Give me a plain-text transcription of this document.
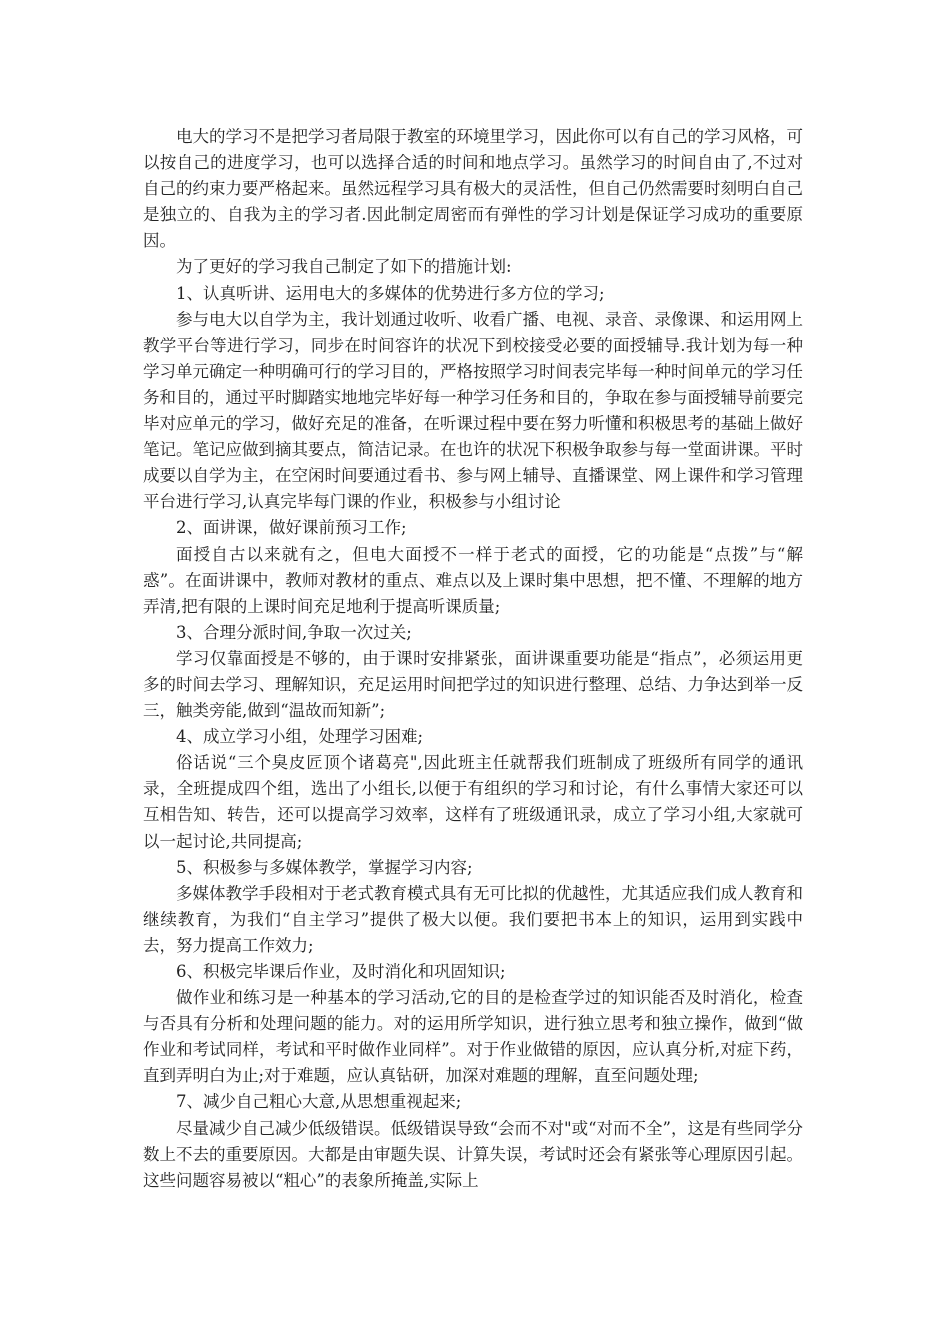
电大的学习不是把学习者局限于教室的环境里学习，因此你可以有自己的学习风格，可以按自己的进度学习，也可以选择合适的时间和地点学习。虽然学习的时间自由了,不过对自己的约束力要严格起来。虽然远程学习具有极大的灵活性，但自己仍然需要时刻明白自己是独立的、自我为主的学习者.因此制定周密而有弹性的学习计划是保证学习成功的重要原因。

为了更好的学习我自己制定了如下的措施计划:

1、认真听讲、运用电大的多媒体的优势进行多方位的学习;

参与电大以自学为主，我计划通过收听、收看广播、电视、录音、录像课、和运用网上教学平台等进行学习，同步在时间容许的状况下到校接受必要的面授辅导.我计划为每一种学习单元确定一种明确可行的学习目的，严格按照学习时间表完毕每一种时间单元的学习任务和目的，通过平时脚踏实地地完毕好每一种学习任务和目的，争取在参与面授辅导前要完毕对应单元的学习，做好充足的准备，在听课过程中要在努力听懂和积极思考的基础上做好笔记。笔记应做到摘其要点，简洁记录。在也许的状况下积极争取参与每一堂面讲课。平时成要以自学为主，在空闲时间要通过看书、参与网上辅导、直播课堂、网上课件和学习管理平台进行学习,认真完毕每门课的作业，积极参与小组讨论

2、面讲课，做好课前预习工作;

面授自古以来就有之，但电大面授不一样于老式的面授，它的功能是“点拨”与“解惑”。在面讲课中，教师对教材的重点、难点以及上课时集中思想，把不懂、不理解的地方弄清,把有限的上课时间充足地利于提高听课质量;

3、合理分派时间,争取一次过关;

学习仅靠面授是不够的，由于课时安排紧张，面讲课重要功能是“指点”，必须运用更多的时间去学习、理解知识，充足运用时间把学过的知识进行整理、总结、力争达到举一反三，触类旁能,做到“温故而知新”;

4、成立学习小组，处理学习困难;

俗话说“三个臭皮匠顶个诸葛亮",因此班主任就帮我们班制成了班级所有同学的通讯录，全班提成四个组，选出了小组长,以便于有组织的学习和讨论，有什么事情大家还可以互相告知、转告，还可以提高学习效率，这样有了班级通讯录，成立了学习小组,大家就可以一起讨论,共同提高;

5、积极参与多媒体教学，掌握学习内容;

多媒体教学手段相对于老式教育模式具有无可比拟的优越性，尤其适应我们成人教育和继续教育，为我们“自主学习”提供了极大以便。我们要把书本上的知识，运用到实践中去，努力提高工作效力;

6、积极完毕课后作业，及时消化和巩固知识;

做作业和练习是一种基本的学习活动,它的目的是检查学过的知识能否及时消化，检查与否具有分析和处理问题的能力。对的运用所学知识，进行独立思考和独立操作，做到“做作业和考试同样，考试和平时做作业同样”。对于作业做错的原因，应认真分析,对症下药，直到弄明白为止;对于难题，应认真钻研，加深对难题的理解，直至问题处理;

7、减少自己粗心大意,从思想重视起来;

尽量减少自己减少低级错误。低级错误导致“会而不对"或“对而不全”，这是有些同学分数上不去的重要原因。大都是由审题失误、计算失误，考试时还会有紧张等心理原因引起。这些问题容易被以“粗心”的表象所掩盖,实际上
